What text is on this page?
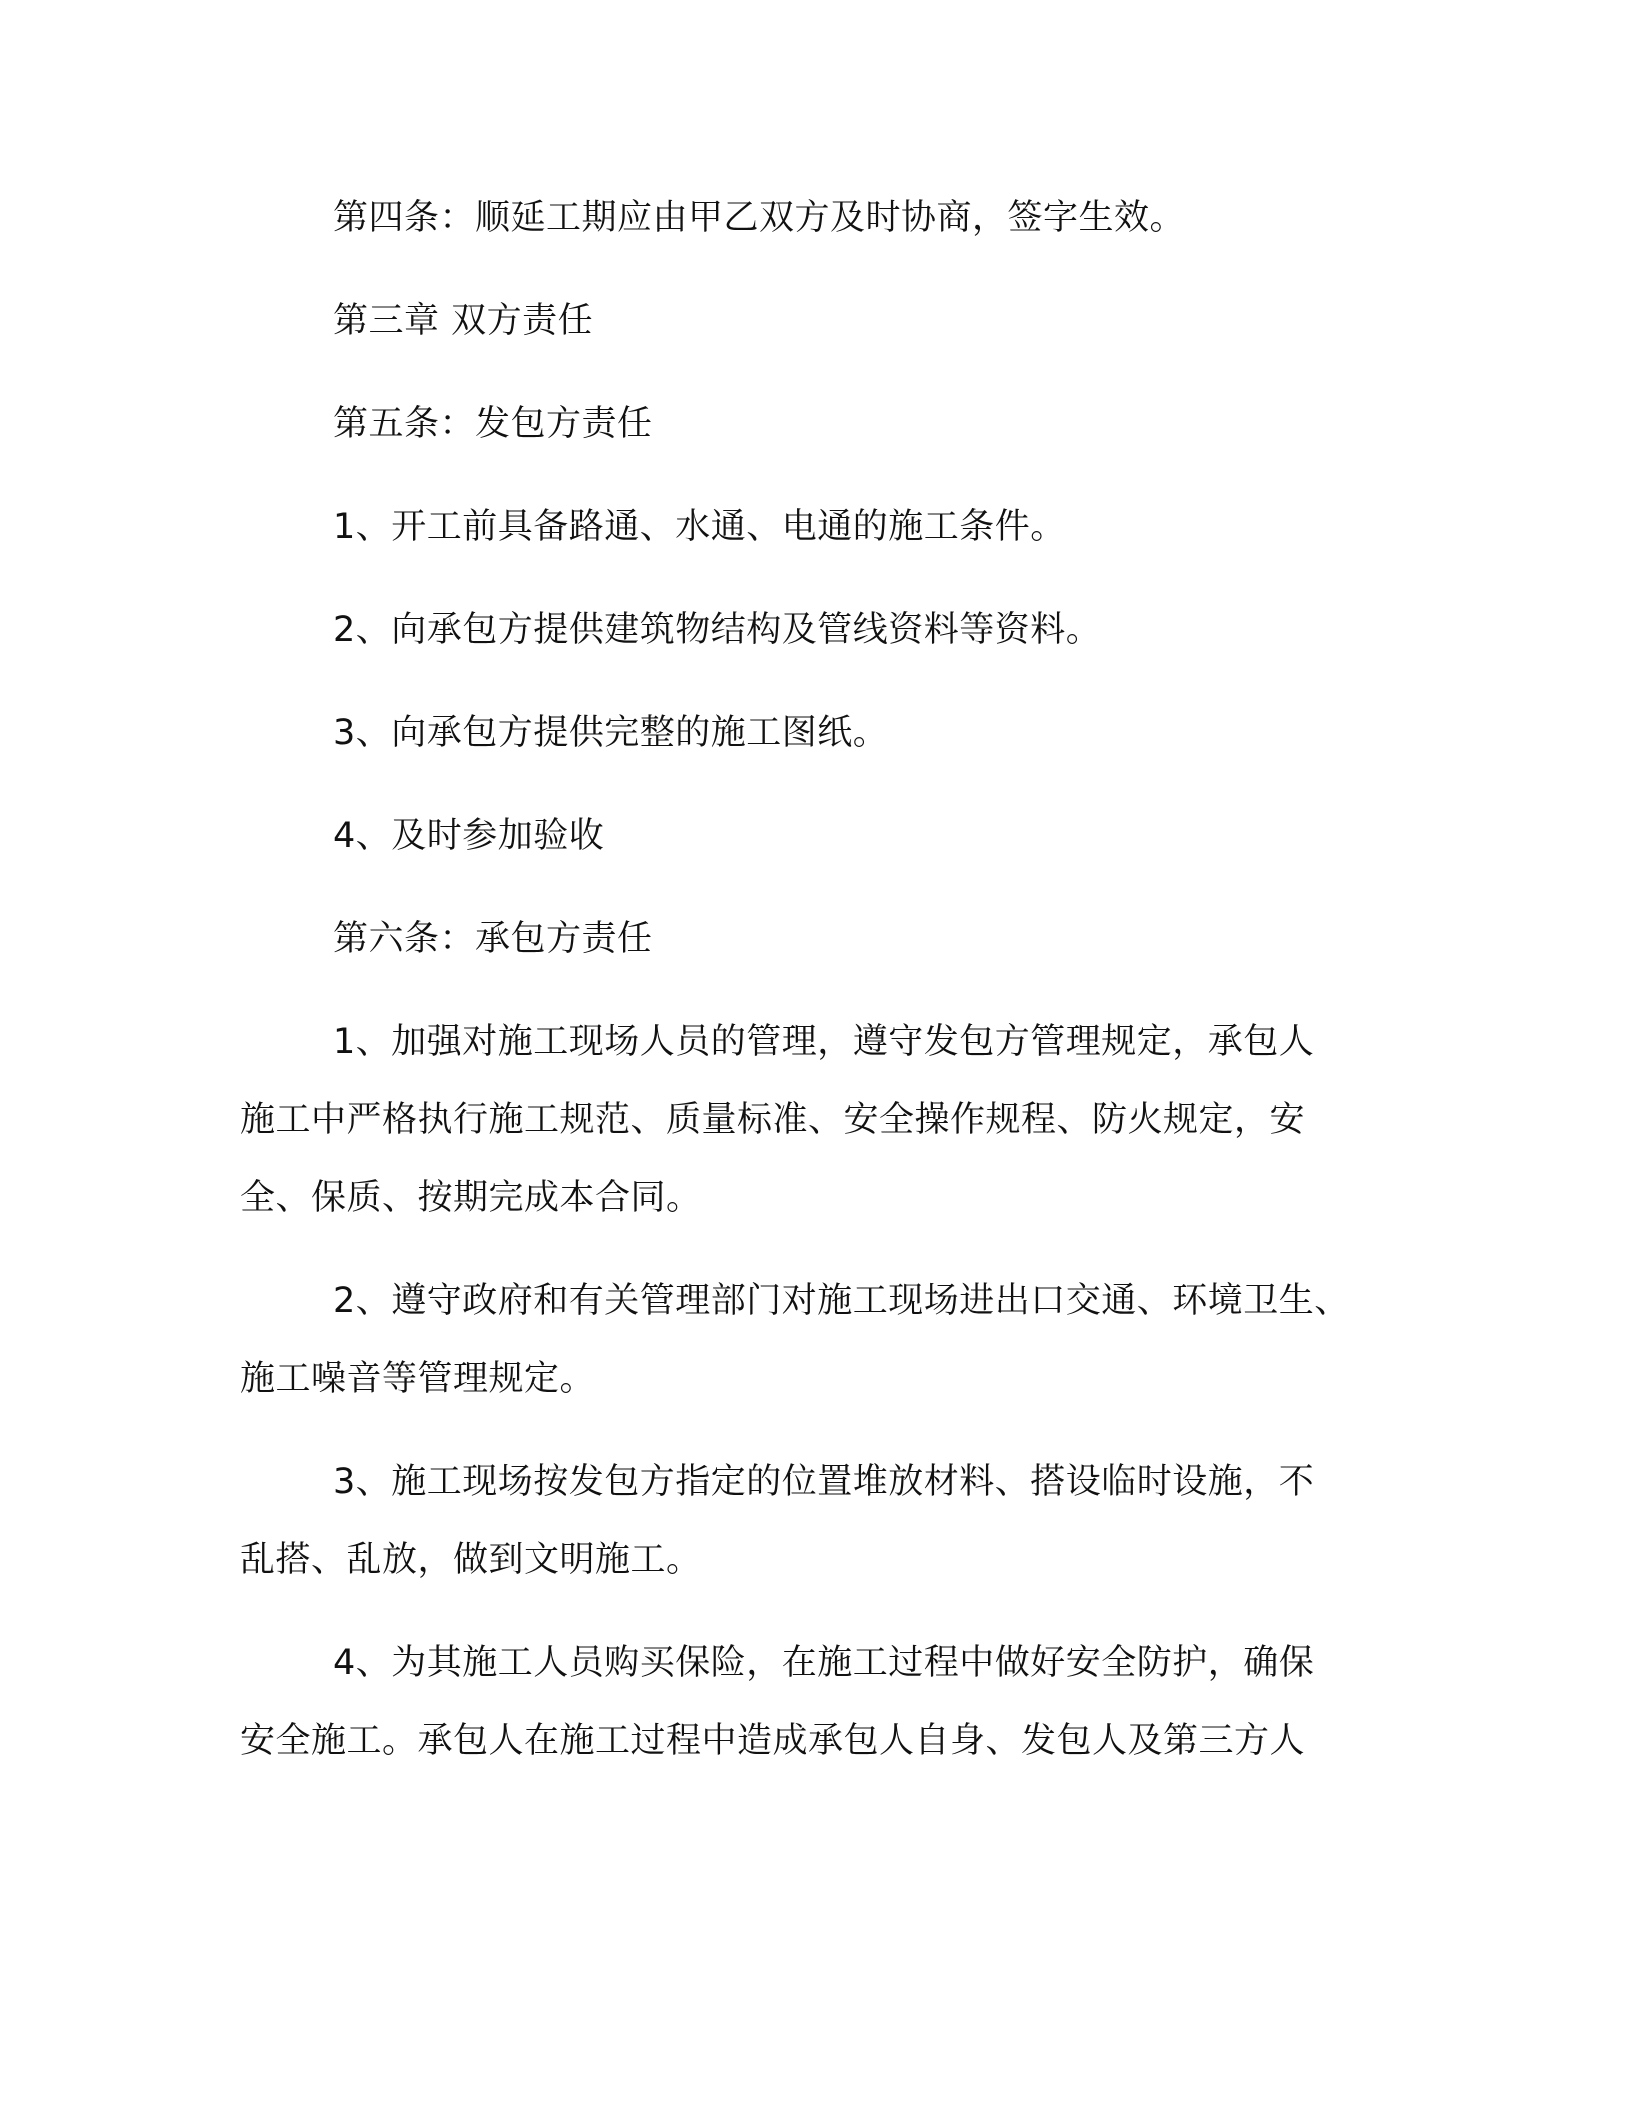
第四条：顺延工期应由甲乙双方及时协商，签字生效。
第三章 双方责任
第五条：发包方责任
1、开工前具备路通、水通、电通的施工条件。
2、向承包方提供建筑物结构及管线资料等资料。
3、向承包方提供完整的施工图纸。
4、及时参加验收
第六条：承包方责任
1、加强对施工现场人员的管理，遵守发包方管理规定，承包人
施工中严格执行施工规范、质量标准、安全操作规程、防火规定，安
全、保质、按期完成本合同。
2、遵守政府和有关管理部门对施工现场进出口交通、环境卫生、
施工噪音等管理规定。
3、施工现场按发包方指定的位置堆放材料、搭设临时设施，不
乱搭、乱放，做到文明施工。
4、为其施工人员购买保险，在施工过程中做好安全防护，确保
安全施工。承包人在施工过程中造成承包人自身、发包人及第三方人
